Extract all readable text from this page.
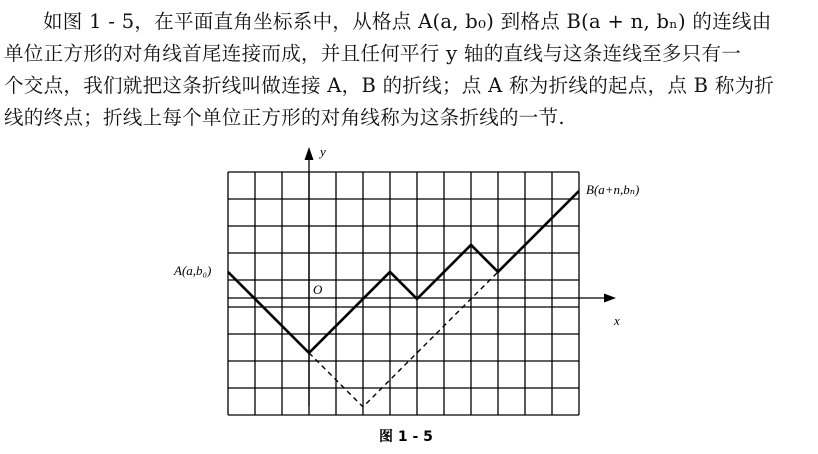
如图 1 - 5，在平面直角坐标系中，从格点 A(a, b₀) 到格点 B(a + n, bₙ) 的连线由

单位正方形的对角线首尾连接而成，并且任何平行 y 轴的直线与这条连线至多只有一

个交点，我们就把这条折线叫做连接 A，B 的折线；点 A 称为折线的起点，点 B 称为折

线的终点；折线上每个单位正方形的对角线称为这条折线的一节.

y
x
O
A(a,b₀)
B(a+n,bₙ)
图 1 - 5
